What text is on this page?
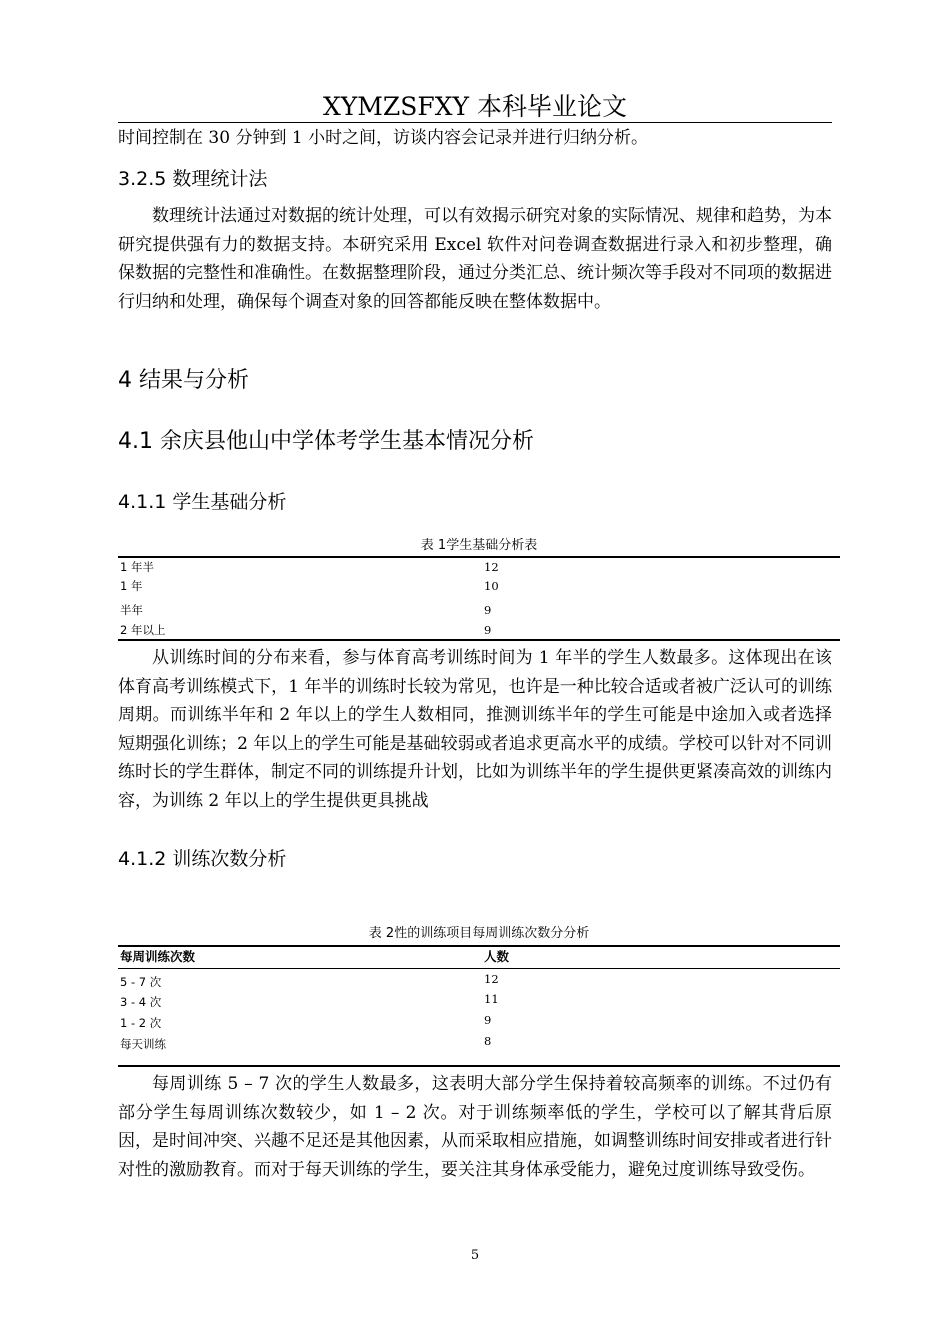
XYMZSFXY 本科毕业论文
时间控制在 30 分钟到 1 小时之间，访谈内容会记录并进行归纳分析。
3.2.5 数理统计法
数理统计法通过对数据的统计处理，可以有效揭示研究对象的实际情况、规律和趋势，为本研究提供强有力的数据支持。本研究采用 Excel 软件对问卷调查数据进行录入和初步整理，确保数据的完整性和准确性。在数据整理阶段，通过分类汇总、统计频次等手段对不同项的数据进行归纳和处理，确保每个调查对象的回答都能反映在整体数据中。
4 结果与分析
4.1 余庆县他山中学体考学生基本情况分析
4.1.1 学生基础分析
表 1学生基础分析表
1 年半	12
1 年	10
半年	9
2 年以上	9
从训练时间的分布来看，参与体育高考训练时间为 1 年半的学生人数最多。这体现出在该体育高考训练模式下，1 年半的训练时长较为常见，也许是一种比较合适或者被广泛认可的训练周期。而训练半年和 2 年以上的学生人数相同，推测训练半年的学生可能是中途加入或者选择短期强化训练；2 年以上的学生可能是基础较弱或者追求更高水平的成绩。学校可以针对不同训练时长的学生群体，制定不同的训练提升计划，比如为训练半年的学生提供更紧凑高效的训练内容，为训练 2 年以上的学生提供更具挑战
4.1.2 训练次数分析
表 2性的训练项目每周训练次数分分析
每周训练次数	人数
5 - 7 次	12
3 - 4 次	11
1 - 2 次	9
每天训练	8
每周训练 5 – 7 次的学生人数最多，这表明大部分学生保持着较高频率的训练。不过仍有部分学生每周训练次数较少，如 1 – 2 次。对于训练频率低的学生，学校可以了解其背后原因，是时间冲突、兴趣不足还是其他因素，从而采取相应措施，如调整训练时间安排或者进行针对性的激励教育。而对于每天训练的学生，要关注其身体承受能力，避免过度训练导致受伤。
5
